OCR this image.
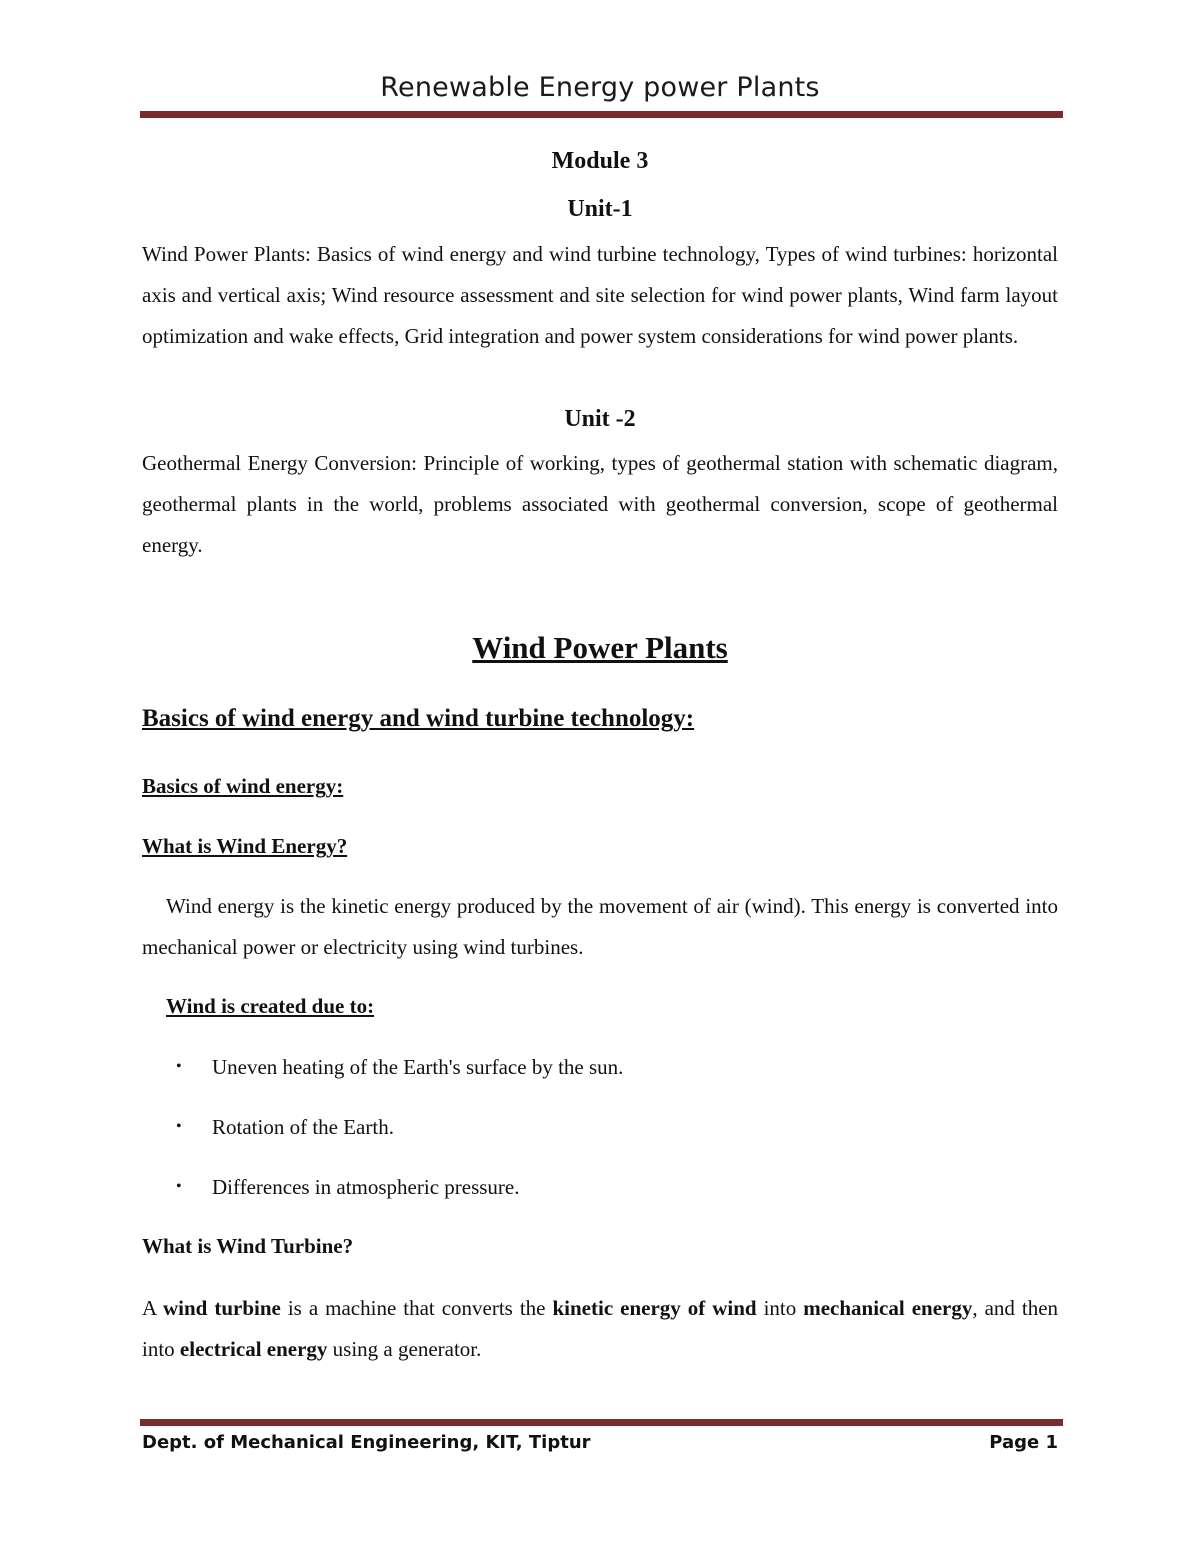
Renewable Energy power Plants
Module 3
Unit-1
Wind Power Plants: Basics of wind energy and wind turbine technology, Types of wind turbines: horizontal axis and vertical axis; Wind resource assessment and site selection for wind power plants, Wind farm layout optimization and wake effects, Grid integration and power system considerations for wind power plants.
Unit -2
Geothermal Energy Conversion: Principle of working, types of geothermal station with schematic diagram, geothermal plants in the world, problems associated with geothermal conversion, scope of geothermal energy.
Wind Power Plants
Basics of wind energy and wind turbine technology:
Basics of wind energy:
What is Wind Energy?
Wind energy is the kinetic energy produced by the movement of air (wind). This energy is converted into mechanical power or electricity using wind turbines.
Wind is created due to:
• Uneven heating of the Earth's surface by the sun.
• Rotation of the Earth.
• Differences in atmospheric pressure.
What is Wind Turbine?
A wind turbine is a machine that converts the kinetic energy of wind into mechanical energy, and then into electrical energy using a generator.
Dept. of Mechanical Engineering, KIT, Tiptur	Page 1
